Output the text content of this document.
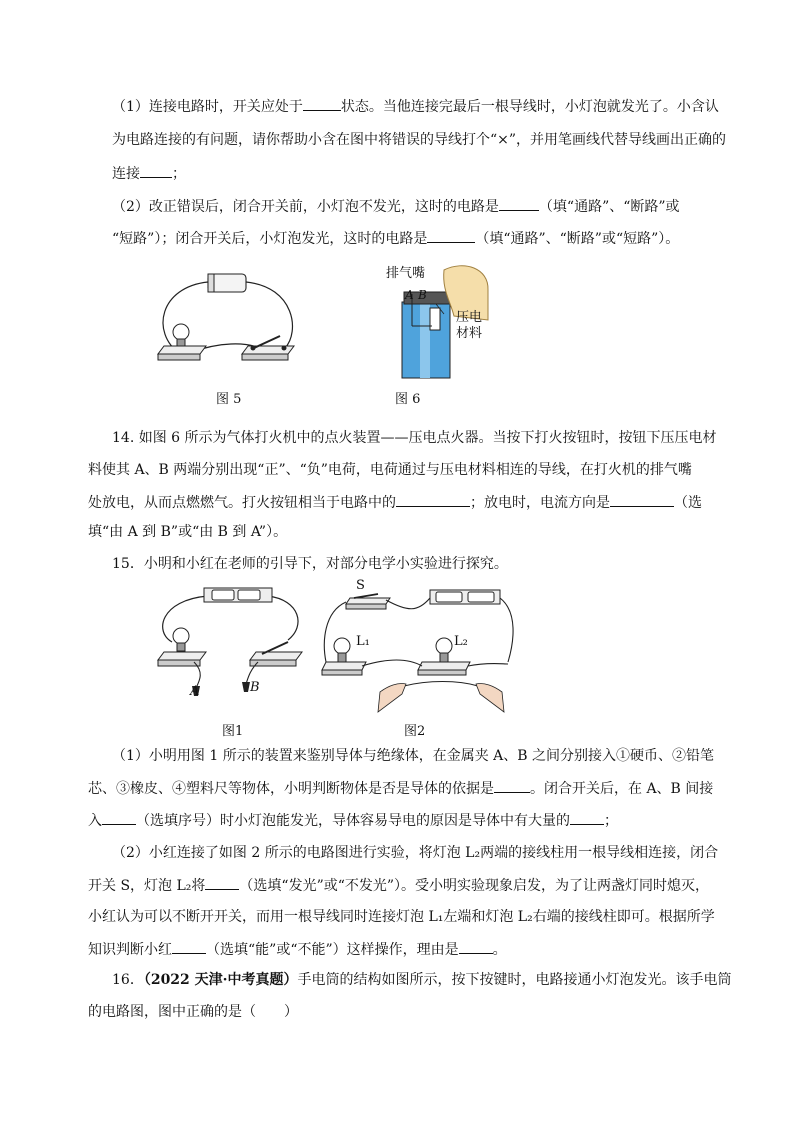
（1）连接电路时，开关应处于	状态。当他连接完最后一根导线时，小灯泡就发光了。小含认
为电路连接的有问题，请你帮助小含在图中将错误的导线打个“×”，并用笔画线代替导线画出正确的
连接 ；
（2）改正错误后，闭合开关前，小灯泡不发光，这时的电路是	（填“通路”、“断路”或
“短路”）；闭合开关后，小灯泡发光，这时的电路是	（填“通路”、“断路”或“短路”）。
图 5
排气嘴
A B
压电材料
图 6
14. 如图 6 所示为气体打火机中的点火装置——压电点火器。当按下打火按钮时，按钮下压压电材
料使其 A、B 两端分别出现“正”、“负”电荷，电荷通过与压电材料相连的导线，在打火机的排气嘴
处放电，从而点燃燃气。打火按钮相当于电路中的	；放电时，电流方向是	（选
填“由 A 到 B”或“由 B 到 A”）。
15．小明和小红在老师的引导下，对部分电学小实验进行探究。
A	B
图1
S
L₁	L₂
图2
（1）小明用图 1 所示的装置来鉴别导体与绝缘体，在金属夹 A、B 之间分别接入①硬币、②铅笔
芯、③橡皮、④塑料尺等物体，小明判断物体是否是导体的依据是	。闭合开关后，在 A、B 间接
入 （选填序号）时小灯泡能发光，导体容易导电的原因是导体中有大量的 ；
（2）小红连接了如图 2 所示的电路图进行实验，将灯泡 L₂两端的接线柱用一根导线相连接，闭合
开关 S，灯泡 L₂将 （选填“发光”或“不发光”）。受小明实验现象启发，为了让两盏灯同时熄灭，
小红认为可以不断开开关，而用一根导线同时连接灯泡 L₁左端和灯泡 L₂右端的接线柱即可。根据所学
知识判断小红 （选填“能”或“不能”）这样操作，理由是 。
16．（2022 天津·中考真题）手电筒的结构如图所示，按下按键时，电路接通小灯泡发光。该手电筒
的电路图，图中正确的是（　　）
